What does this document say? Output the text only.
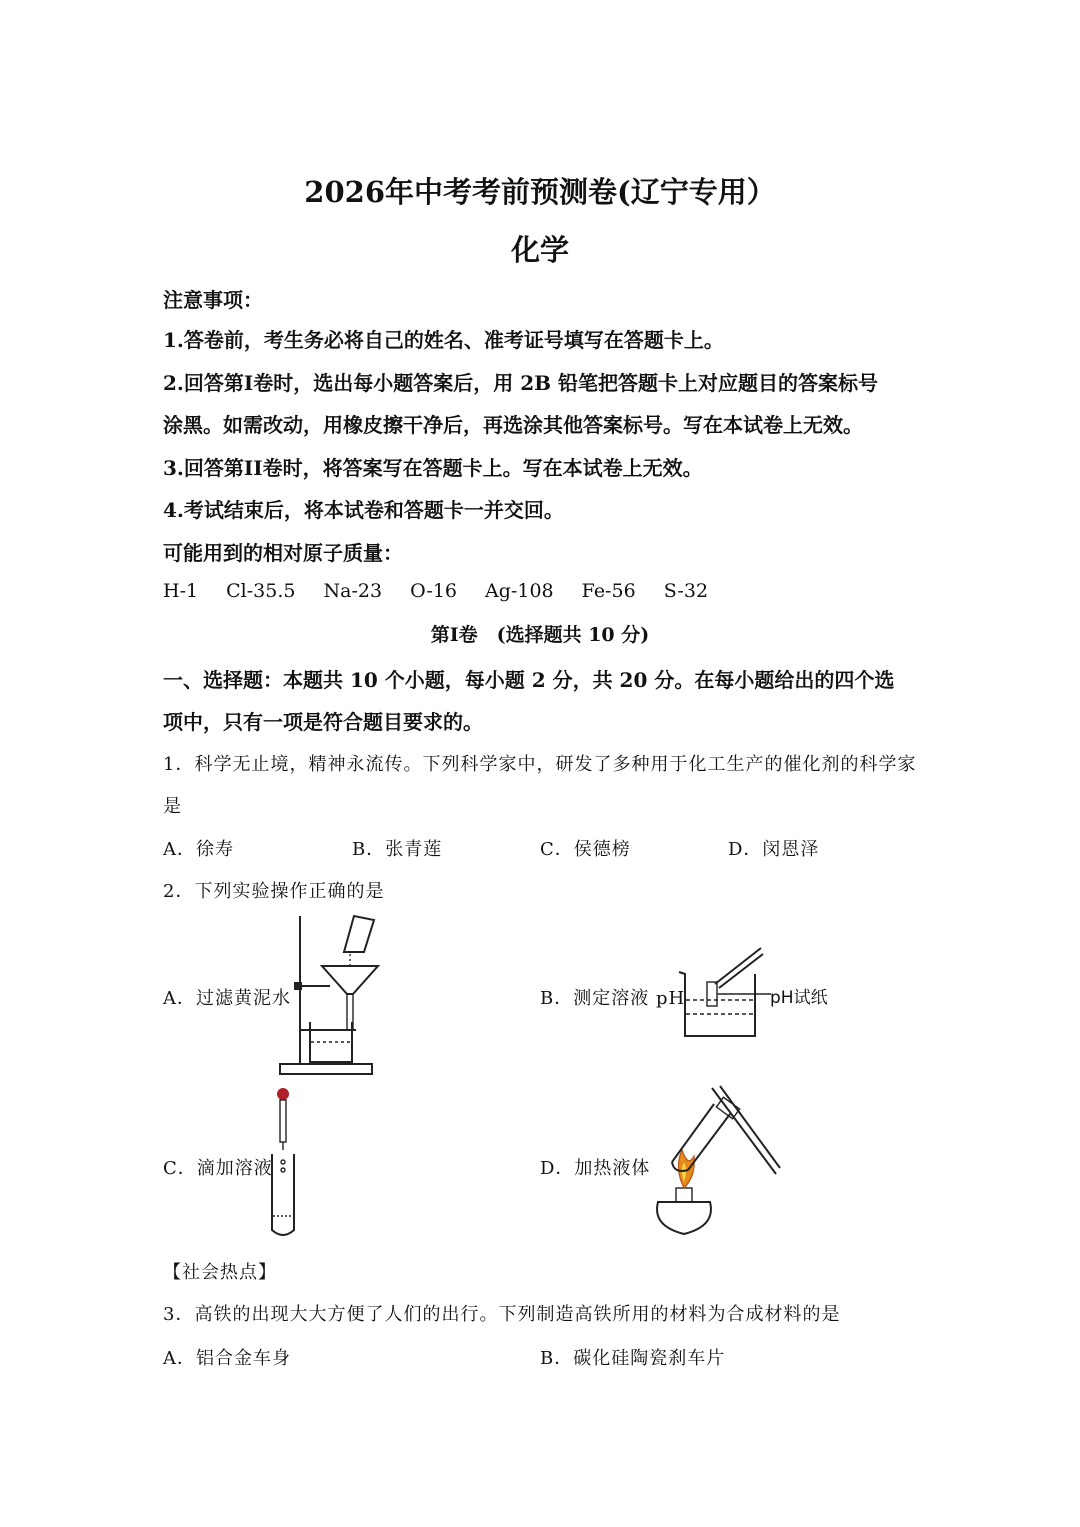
2026年中考考前预测卷(辽宁专用）
化学
注意事项：
1.答卷前，考生务必将自己的姓名、准考证号填写在答题卡上。
2.回答第I卷时，选出每小题答案后，用 2B 铅笔把答题卡上对应题目的答案标号
涂黑。如需改动，用橡皮擦干净后，再选涂其他答案标号。写在本试卷上无效。
3.回答第II卷时，将答案写在答题卡上。写在本试卷上无效。
4.考试结束后，将本试卷和答题卡一并交回。
可能用到的相对原子质量：
H-1 Cl-35.5 Na-23 O-16 Ag-108 Fe-56 S-32
第I卷　(选择题共 10 分)
一、选择题：本题共 10 个小题，每小题 2 分，共 20 分。在每小题给出的四个选
项中，只有一项是符合题目要求的。
1．科学无止境，精神永流传。下列科学家中，研发了多种用于化工生产的催化剂的科学家
是
A．徐寿	B．张青莲	C．侯德榜	D．闵恩泽
2．下列实验操作正确的是
A．过滤黄泥水	B．测定溶液 pH
C．滴加溶液	D．加热液体
pH试纸
【社会热点】
3．高铁的出现大大方便了人们的出行。下列制造高铁所用的材料为合成材料的是
A．铝合金车身	B．碳化硅陶瓷刹车片
